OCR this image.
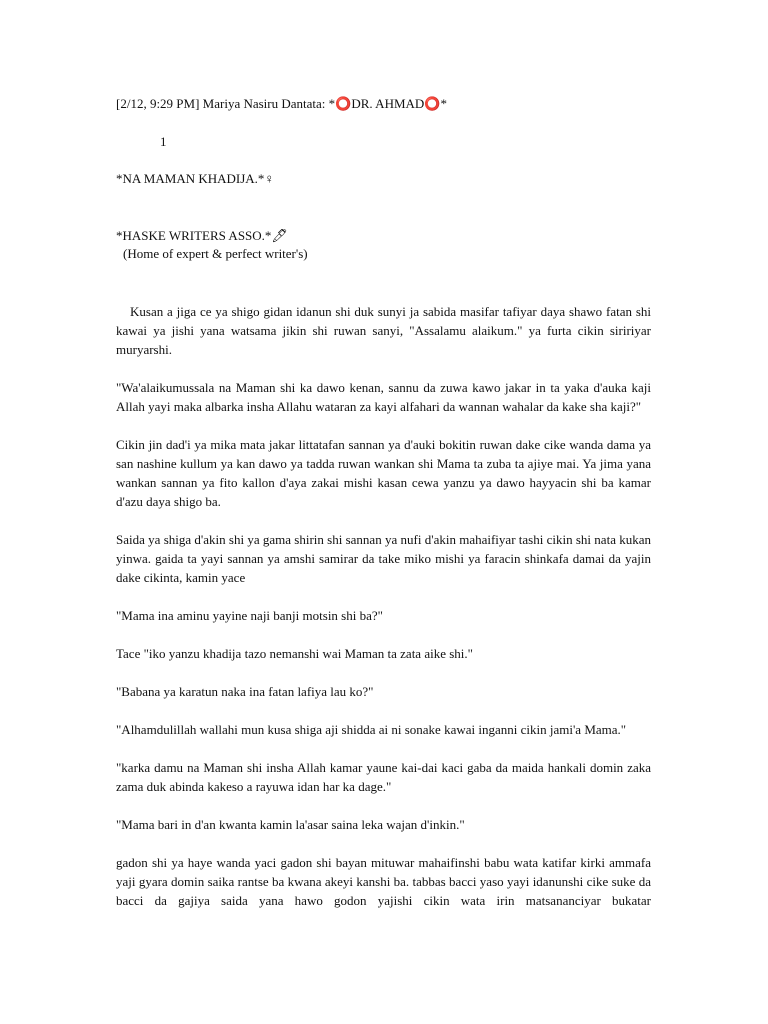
[2/12, 9:29 PM] Mariya Nasiru Dantata: *⭕DR. AHMAD⭕*

1

*NA MAMAN KHADIJA.*♀

*HASKE WRITERS ASSO.*🖊

(Home of expert & perfect writer's)

Kusan a jiga ce ya shigo gidan idanun shi duk sunyi ja sabida masifar tafiyar daya shawo fatan shi kawai ya jishi yana watsama jikin shi ruwan sanyi, "Assalamu alaikum." ya furta cikin siririyar muryarshi.

"Wa'alaikumussala na Maman shi ka dawo kenan, sannu da zuwa kawo jakar in ta yaka d'auka kaji Allah yayi maka albarka insha Allahu wataran za kayi alfahari da wannan wahalar da kake sha kaji?"

Cikin jin dad'i ya mika mata jakar littatafan sannan ya d'auki bokitin ruwan dake cike wanda dama ya san nashine kullum ya kan dawo ya tadda ruwan wankan shi Mama ta zuba ta ajiye mai. Ya jima yana wankan sannan ya fito kallon d'aya zakai mishi kasan cewa yanzu ya dawo hayyacin shi ba kamar d'azu daya shigo ba.

Saida ya shiga d'akin shi ya gama shirin shi sannan ya nufi d'akin mahaifiyar tashi cikin shi nata kukan yinwa. gaida ta yayi sannan ya amshi samirar da take miko mishi ya faracin shinkafa damai da yajin dake cikinta, kamin yace

"Mama ina aminu yayine naji banji motsin shi ba?"

Tace "iko yanzu khadija tazo nemanshi wai Maman ta zata aike shi."

"Babana ya karatun naka ina fatan lafiya lau ko?"

"Alhamdulillah wallahi mun kusa shiga aji shidda ai ni sonake kawai inganni cikin jami'a Mama."

"karka damu na Maman shi insha Allah kamar yaune kai-dai kaci gaba da maida hankali domin zaka zama duk abinda kakeso a rayuwa idan har ka dage."

"Mama bari in d'an kwanta kamin la'asar saina leka wajan d'inkin."

gadon shi ya haye wanda yaci gadon shi bayan mituwar mahaifinshi babu wata katifar kirki ammafa yaji gyara domin saika rantse ba kwana akeyi kanshi ba. tabbas bacci yaso yayi idanunshi cike suke da bacci da gajiya saida yana hawo godon yajishi cikin wata irin matsananciyar bukatar
